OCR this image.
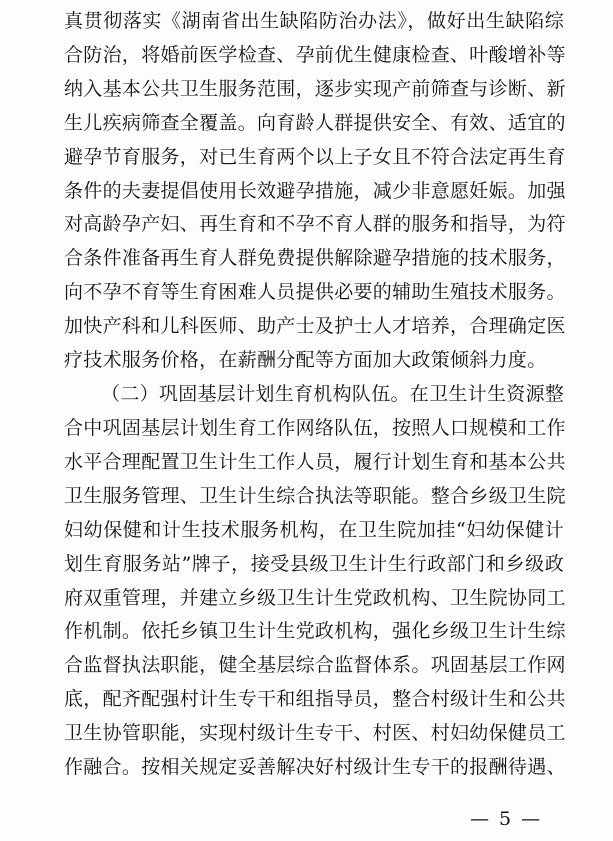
真贯彻落实《湖南省出生缺陷防治办法》，做好出生缺陷综
合防治，将婚前医学检查、孕前优生健康检查、叶酸增补等
纳入基本公共卫生服务范围，逐步实现产前筛查与诊断、新
生儿疾病筛查全覆盖。向育龄人群提供安全、有效、适宜的
避孕节育服务，对已生育两个以上子女且不符合法定再生育
条件的夫妻提倡使用长效避孕措施，减少非意愿妊娠。加强
对高龄孕产妇、再生育和不孕不育人群的服务和指导，为符
合条件准备再生育人群免费提供解除避孕措施的技术服务，
向不孕不育等生育困难人员提供必要的辅助生殖技术服务。
加快产科和儿科医师、助产士及护士人才培养，合理确定医
疗技术服务价格，在薪酬分配等方面加大政策倾斜力度。
（二）巩固基层计划生育机构队伍。在卫生计生资源整
合中巩固基层计划生育工作网络队伍，按照人口规模和工作
水平合理配置卫生计生工作人员，履行计划生育和基本公共
卫生服务管理、卫生计生综合执法等职能。整合乡级卫生院
妇幼保健和计生技术服务机构，在卫生院加挂“妇幼保健计
划生育服务站”牌子，接受县级卫生计生行政部门和乡级政
府双重管理，并建立乡级卫生计生党政机构、卫生院协同工
作机制。依托乡镇卫生计生党政机构，强化乡级卫生计生综
合监督执法职能，健全基层综合监督体系。巩固基层工作网
底，配齐配强村计生专干和组指导员，整合村级计生和公共
卫生协管职能，实现村级计生专干、村医、村妇幼保健员工
作融合。按相关规定妥善解决好村级计生专干的报酬待遇、
— 5 —
